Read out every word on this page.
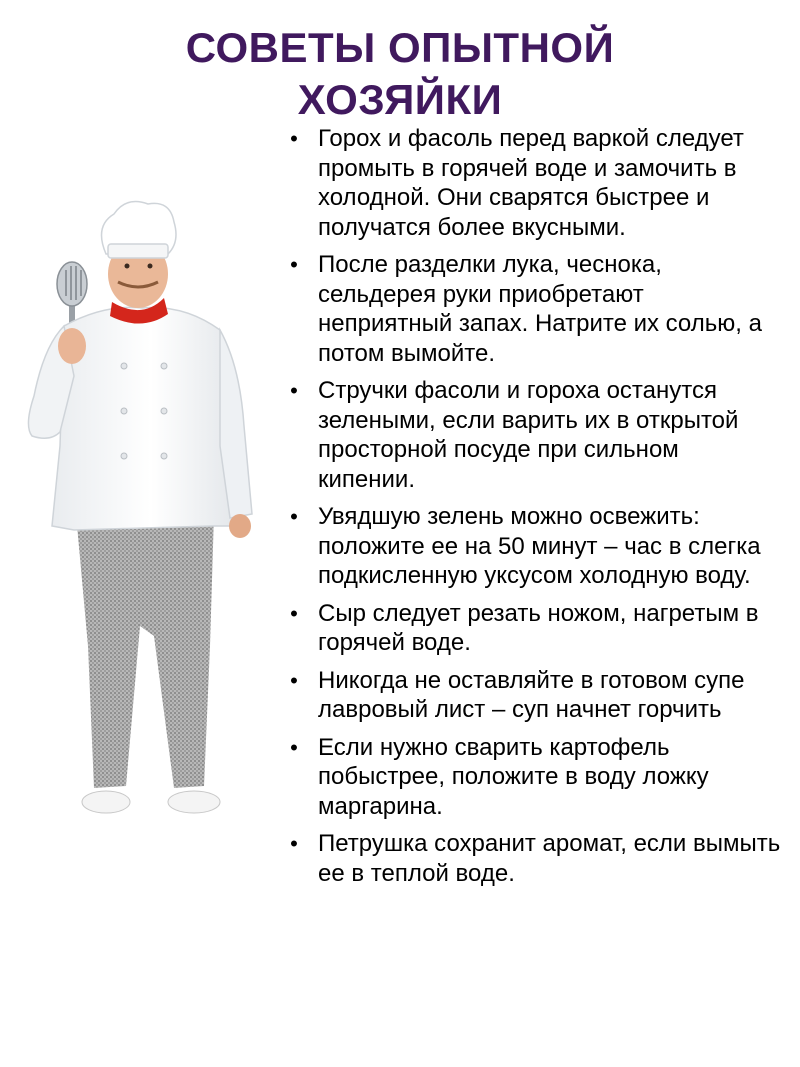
СОВЕТЫ ОПЫТНОЙ
ХОЗЯЙКИ
• Горох и фасоль перед варкой следует промыть в горячей воде и замочить в холодной. Они сварятся быстрее и получатся более вкусными.
• После разделки лука, чеснока, сельдерея руки приобретают неприятный запах. Натрите их солью, а потом вымойте.
• Стручки фасоли и гороха останутся зелеными, если варить их в открытой просторной посуде при сильном кипении.
• Увядшую зелень можно освежить: положите ее на 50 минут – час в слегка подкисленную уксусом холодную воду.
• Сыр следует резать ножом, нагретым в горячей воде.
• Никогда не оставляйте в готовом супе лавровый лист – суп начнет горчить
• Если нужно сварить картофель побыстрее, положите в воду ложку маргарина.
• Петрушка сохранит аромат, если вымыть ее в теплой воде.
